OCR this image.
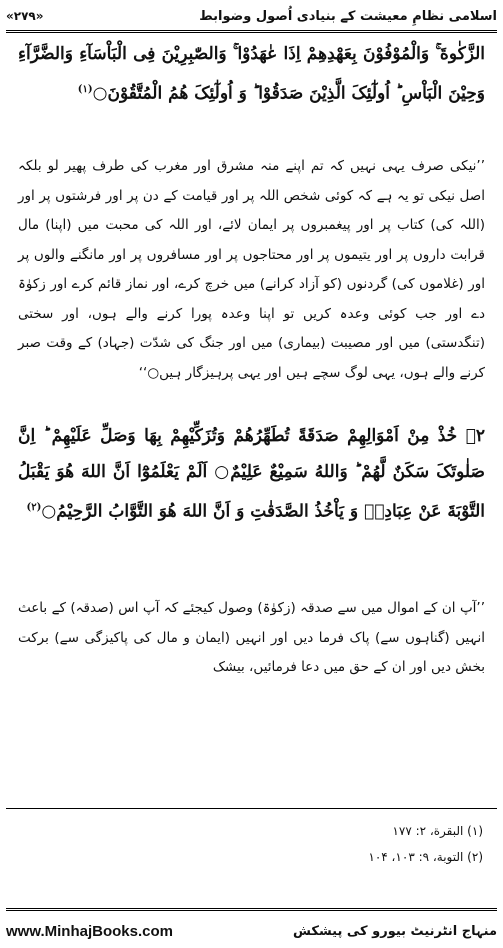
اسلامی نظامِ معیشت کے بنیادی اُصول وضوابط
«۲۷۹»
الزَّکٰوةَ ۚ وَالْمُوْفُوْنَ بِعَهْدِهِمْ اِذَا عٰهَدُوْا ۚ وَالصّٰبِرِيْنَ فِی الْبَاْسَآءِ وَالضَّرَّآءِ وَحِيْنَ الْبَاْسِ ؕ اُولٰٓئِکَ الَّذِيْنَ صَدَقُوْا ؕ وَ اُولٰٓئِکَ هُمُ الْمُتَّقُوْنَ○$^{(۱)}$
’’نیکی صرف یہی نہیں کہ تم اپنے منہ مشرق اور مغرب کی طرف پھیر لو بلکہ اصل نیکی تو یہ ہے کہ کوئی شخص اللہ پر اور قیامت کے دن پر اور فرشتوں پر اور (اللہ کی) کتاب پر اور پیغمبروں پر ایمان لائے، اور اللہ کی محبت میں (اپنا) مال قرابت داروں پر اور یتیموں پر اور محتاجوں پر اور مسافروں پر اور مانگنے والوں پر اور (غلاموں کی) گردنوں (کو آزاد کرانے) میں خرچ کرے، اور نماز قائم کرے اور زکوٰۃ دے اور جب کوئی وعدہ کریں تو اپنا وعدہ پورا کرنے والے ہوں، اور سختی (تنگدستی) میں اور مصیبت (بیماری) میں اور جنگ کی شدّت (جہاد) کے وقت صبر کرنے والے ہوں، یہی لوگ سچے ہیں اور یہی پرہیزگار ہیں○‘‘
۲۔ خُذْ مِنْ اَمْوَالِهِمْ صَدَقَةً تُطَهِّرُهُمْ وَتُزَکِّيْهِمْ بِهَا وَصَلِّ عَلَيْهِمْ ؕ اِنَّ صَلٰوتَکَ سَکَنٌ لَّهُمْ ؕ وَاللهُ سَمِيْعٌ عَلِيْمٌ○ اَلَمْ يَعْلَمُوْٓا اَنَّ اللهَ هُوَ يَقْبَلُ التَّوْبَةَ عَنْ عِبَادِهٖ وَ يَاْخُذُ الصَّدَقٰتِ وَ اَنَّ اللهَ هُوَ التَّوَّابُ الرَّحِيْمُ○$^{(۲)}$
’’آپ ان کے اموال میں سے صدقہ (زکوٰۃ) وصول کیجئے کہ آپ اس (صدقہ) کے باعث انہیں (گناہوں سے) پاک فرما دیں اور انہیں (ایمان و مال کی پاکیزگی سے) برکت بخش دیں اور ان کے حق میں دعا فرمائیں، بیشک
(۱) البقرة، ۲: ۱۷۷
(۲) التوبة، ۹: ۱۰۳، ۱۰۴
www.MinhajBooks.com	منہاج انٹرنیٹ بیورو کی پیشکش
